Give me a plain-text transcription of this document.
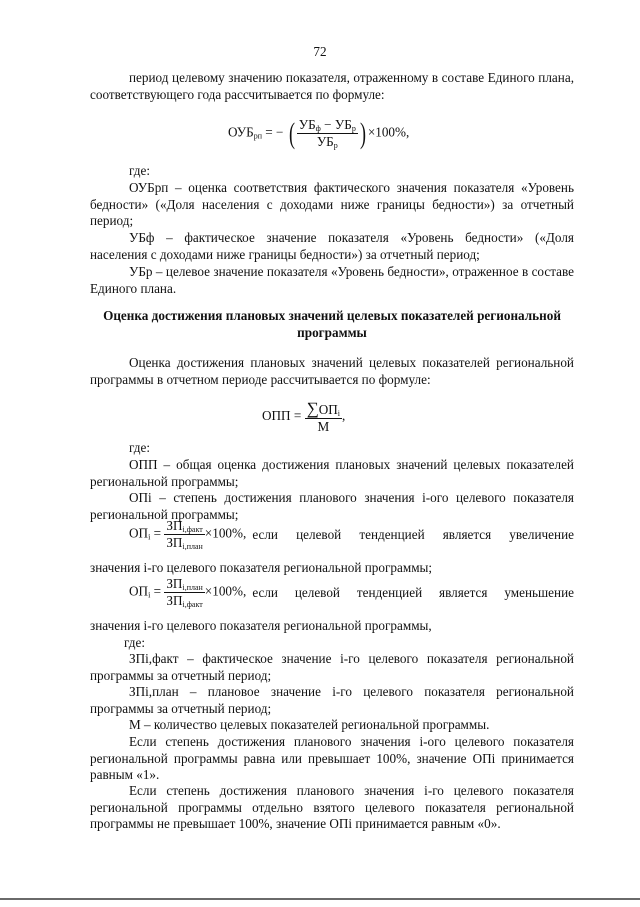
72

период целевому значению показателя, отраженному в составе Единого плана, соответствующего года рассчитывается по формуле:

$ОУБ_{рп}$ = − ( $\frac{УБ_ф - УБ_р}{УБ_р}$ ) ×100%,
где:

ОУБрп – оценка соответствия фактического значения показателя «Уровень бедности» («Доля населения с доходами ниже границы бедности») за отчетный период;

УБф – фактическое значение показателя «Уровень бедности» («Доля населения с доходами ниже границы бедности») за отчетный период;

УБр – целевое значение показателя «Уровень бедности», отраженное в составе Единого плана.

Оценка достижения плановых значений целевых показателей региональной программы

Оценка достижения плановых значений целевых показателей региональной программы в отчетном периоде рассчитывается по формуле:

ОПП = $\frac{\sum ОП_i}{М}$ ,
где:

ОПП – общая оценка достижения плановых значений целевых показателей региональной программы;

ОПi – степень достижения планового значения i-ого целевого показателя региональной программы;

$ОП_i = \frac{ЗП_{i,факт}}{ЗП_{i,план}} \times 100\%$, если целевой тенденцией является увеличение

значения i-го целевого показателя региональной программы;

$ОП_i = \frac{ЗП_{i,план}}{ЗП_{i,факт}} \times 100\%$, если целевой тенденцией является уменьшение

значения i-го целевого показателя региональной программы,

где:

ЗПi,факт – фактическое значение i-го целевого показателя региональной программы за отчетный период;

ЗПi,план – плановое значение i-го целевого показателя региональной программы за отчетный период;

М – количество целевых показателей региональной программы.

Если степень достижения планового значения i-ого целевого показателя региональной программы равна или превышает 100%, значение ОПi принимается равным «1».

Если степень достижения планового значения i-го целевого показателя региональной программы отдельно взятого целевого показателя региональной программы не превышает 100%, значение ОПi принимается равным «0».
